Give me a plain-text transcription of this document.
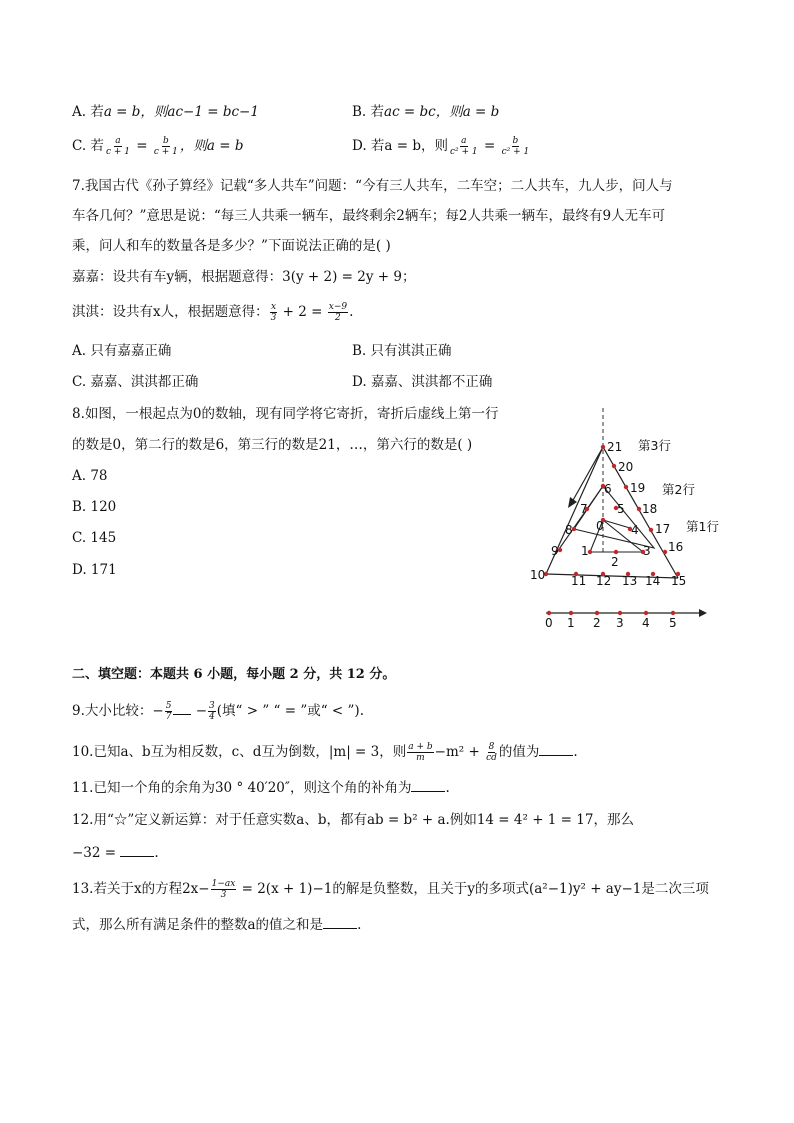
A. 若a = b，则ac−1 = bc−1	B. 若ac = bc，则a = b
C. 若 $\frac{a}{c + 1} = \frac{b}{c + 1}$ ，则a = b	D. 若a = b，则 $\frac{a}{\text{c² + 1}} = \frac{b}{\text{c² + 1}}$
7.我国古代《孙子算经》记载“多人共车”问题：“今有三人共车，二车空；二人共车，九人步，问人与
车各几何？”意思是说：“每三人共乘一辆车，最终剩余2辆车；每2人共乘一辆车，最终有9人无车可
乘，问人和车的数量各是多少？”下面说法正确的是( )
嘉嘉：设共有车y辆，根据题意得：3(y + 2) = 2y + 9；
淇淇：设共有x人，根据题意得： $\frac{x}{3} + 2 = \frac{x-9}{2}$ .
A. 只有嘉嘉正确	B. 只有淇淇正确
C. 嘉嘉、淇淇都正确	D. 嘉嘉、淇淇都不正确
8.如图，一根起点为0的数轴，现有同学将它寄折，寄折后虚线上第一行
的数是0，第二行的数是6，第三行的数是21，…，第六行的数是( )
A. 78
B. 120
C. 145
D. 171
21
20
19
18
17
16
15
14
13
12
11
10
9
8
7
6
5
4
3
2
1
0
第3行
第2行
第1行
0 1 2 3 4 5
二、填空题：本题共 6 小题，每小题 2 分，共 12 分。
9.大小比较：− $\frac{5}{7} - \frac{3}{4}$ (填“ > ” “ = ”或“ < ”).
10.已知a、b互为相反数，c、d互为倒数，|m| = 3，则 $\frac{a + b}{m} -m^2 + \frac{8}{cd}$ 的值为	.
11.已知一个角的余角为30 ° 40′20″，则这个角的补角为	.
12.用“☆”定义新运算：对于任意实数a、b，都有ab = b² + a.例如14 = 4² + 1 = 17，那么
−32 =	.
13.若关于x的方程$2x- \frac{1-ax}{3} = 2(x + 1)-1$的解是负整数，且关于y的多项式(a²−1)y² + ay−1是二次三项
式，那么所有满足条件的整数a的值之和是	.
